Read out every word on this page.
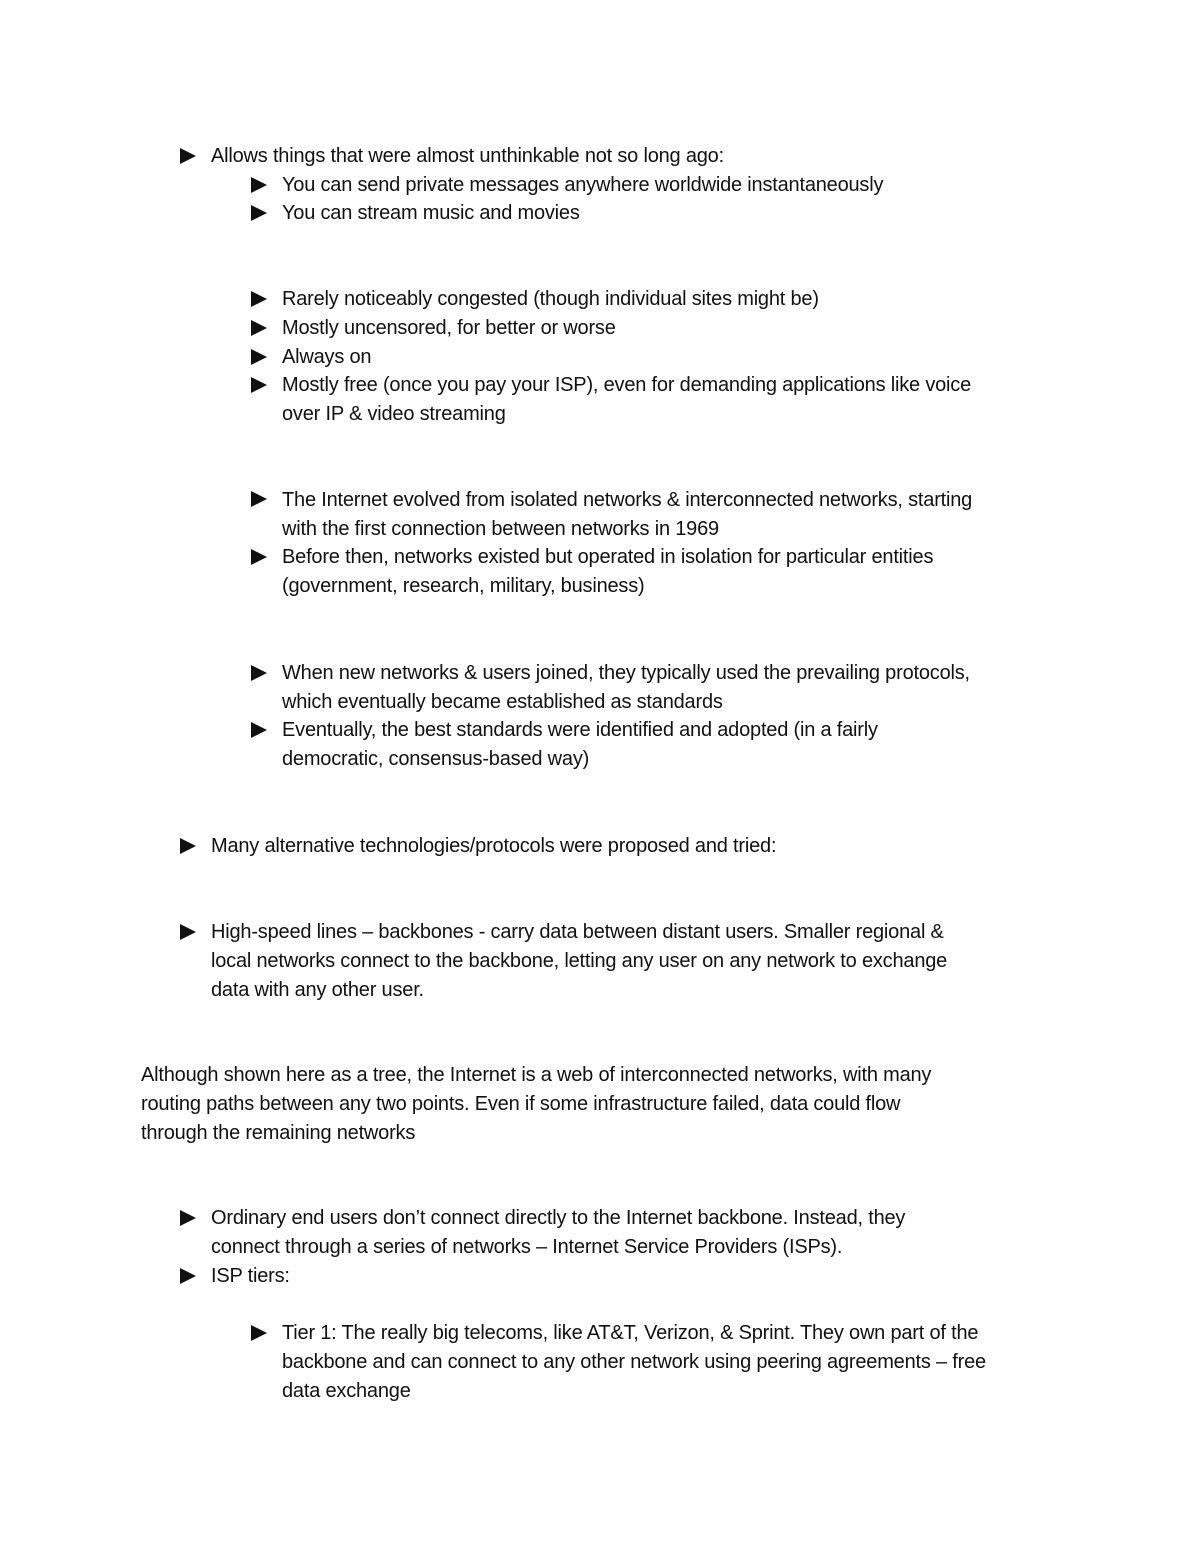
Allows things that were almost unthinkable not so long ago:
You can send private messages anywhere worldwide instantaneously
You can stream music and movies
Rarely noticeably congested (though individual sites might be)
Mostly uncensored, for better or worse
Always on
Mostly free (once you pay your ISP), even for demanding applications like voice
over IP & video streaming
The Internet evolved from isolated networks & interconnected networks, starting
with the first connection between networks in 1969
Before then, networks existed but operated in isolation for particular entities
(government, research, military, business)
When new networks & users joined, they typically used the prevailing protocols,
which eventually became established as standards
Eventually, the best standards were identified and adopted (in a fairly
democratic, consensus-based way)
Many alternative technologies/protocols were proposed and tried:
High-speed lines – backbones - carry data between distant users. Smaller regional &
local networks connect to the backbone, letting any user on any network to exchange
data with any other user.
Although shown here as a tree, the Internet is a web of interconnected networks, with many
routing paths between any two points. Even if some infrastructure failed, data could flow
through the remaining networks
Ordinary end users don’t connect directly to the Internet backbone. Instead, they
connect through a series of networks – Internet Service Providers (ISPs).
ISP tiers:
Tier 1: The really big telecoms, like AT&T, Verizon, & Sprint. They own part of the
backbone and can connect to any other network using peering agreements – free
data exchange
